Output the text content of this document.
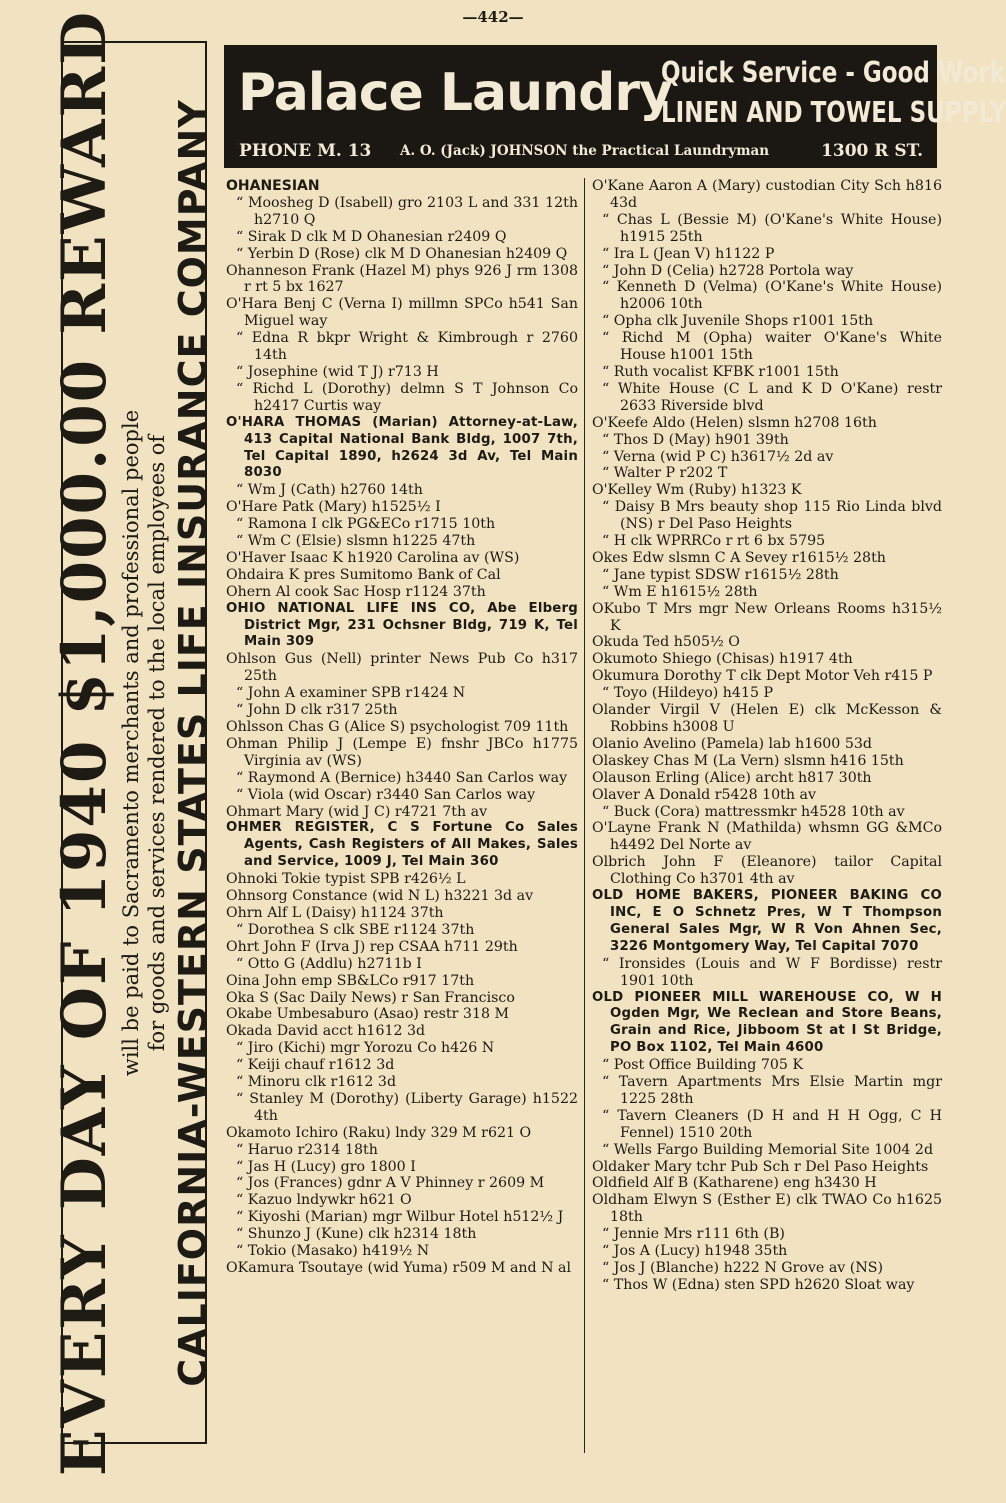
—442—
EVERY DAY OF 1940 $1,000.00 REWARD will be paid to Sacramento merchants and professional people for goods and services rendered to the local employees of CALIFORNIA-WESTERN STATES LIFE INSURANCE COMPANY
Palace Laundry
Quick Service - Good Work
LINEN AND TOWEL SUPPLY
PHONE M. 13 A. O. (Jack) JOHNSON the Practical Laundryman	1300 R ST.
OHANESIAN
“ Moosheg D (Isabell) gro 2103 L and 331 12th h2710 Q
“ Sirak D clk M D Ohanesian r2409 Q
“ Yerbin D (Rose) clk M D Ohanesian h2409 Q
Ohanneson Frank (Hazel M) phys 926 J rm 1308 r rt 5 bx 1627
O'Hara Benj C (Verna I) millmn SPCo h541 San Miguel way
“ Edna R bkpr Wright & Kimbrough r 2760 14th
“ Josephine (wid T J) r713 H
“ Richd L (Dorothy) delmn S T Johnson Co h2417 Curtis way
O'HARA THOMAS (Marian) Attorney-at-Law, 413 Capital National Bank Bldg, 1007 7th, Tel Capital 1890, h2624 3d Av, Tel Main 8030
“ Wm J (Cath) h2760 14th
O'Hare Patk (Mary) h1525½ I
“ Ramona I clk PG&ECo r1715 10th
“ Wm C (Elsie) slsmn h1225 47th
O'Haver Isaac K h1920 Carolina av (WS)
Ohdaira K pres Sumitomo Bank of Cal
Ohern Al cook Sac Hosp r1124 37th
OHIO NATIONAL LIFE INS CO, Abe Elberg District Mgr, 231 Ochsner Bldg, 719 K, Tel Main 309
Ohlson Gus (Nell) printer News Pub Co h317 25th
“ John A examiner SPB r1424 N
“ John D clk r317 25th
Ohlsson Chas G (Alice S) psychologist 709 11th
Ohman Philip J (Lempe E) fnshr JBCo h1775 Virginia av (WS)
“ Raymond A (Bernice) h3440 San Carlos way
“ Viola (wid Oscar) r3440 San Carlos way
Ohmart Mary (wid J C) r4721 7th av
OHMER REGISTER, C S Fortune Co Sales Agents, Cash Registers of All Makes, Sales and Service, 1009 J, Tel Main 360
Ohnoki Tokie typist SPB r426½ L
Ohnsorg Constance (wid N L) h3221 3d av
Ohrn Alf L (Daisy) h1124 37th
“ Dorothea S clk SBE r1124 37th
Ohrt John F (Irva J) rep CSAA h711 29th
“ Otto G (Addlu) h2711b I
Oina John emp SB&LCo r917 17th
Oka S (Sac Daily News) r San Francisco
Okabe Umbesaburo (Asao) restr 318 M
Okada David acct h1612 3d
“ Jiro (Kichi) mgr Yorozu Co h426 N
“ Keiji chauf r1612 3d
“ Minoru clk r1612 3d
“ Stanley M (Dorothy) (Liberty Garage) h1522 4th
Okamoto Ichiro (Raku) lndy 329 M r621 O
“ Haruo r2314 18th
“ Jas H (Lucy) gro 1800 I
“ Jos (Frances) gdnr A V Phinney r 2609 M
“ Kazuo lndywkr h621 O
“ Kiyoshi (Marian) mgr Wilbur Hotel h512½ J
“ Shunzo J (Kune) clk h2314 18th
“ Tokio (Masako) h419½ N
OKamura Tsoutaye (wid Yuma) r509 M and N al
O'Kane Aaron A (Mary) custodian City Sch h816 43d
“ Chas L (Bessie M) (O'Kane's White House) h1915 25th
“ Ira L (Jean V) h1122 P
“ John D (Celia) h2728 Portola way
“ Kenneth D (Velma) (O'Kane's White House) h2006 10th
“ Opha clk Juvenile Shops r1001 15th
“ Richd M (Opha) waiter O'Kane's White House h1001 15th
“ Ruth vocalist KFBK r1001 15th
“ White House (C L and K D O'Kane) restr 2633 Riverside blvd
O'Keefe Aldo (Helen) slsmn h2708 16th
“ Thos D (May) h901 39th
“ Verna (wid P C) h3617½ 2d av
“ Walter P r202 T
O'Kelley Wm (Ruby) h1323 K
“ Daisy B Mrs beauty shop 115 Rio Linda blvd (NS) r Del Paso Heights
“ H clk WPRRCo r rt 6 bx 5795
Okes Edw slsmn C A Sevey r1615½ 28th
“ Jane typist SDSW r1615½ 28th
“ Wm E h1615½ 28th
OKubo T Mrs mgr New Orleans Rooms h315½ K
Okuda Ted h505½ O
Okumoto Shiego (Chisas) h1917 4th
Okumura Dorothy T clk Dept Motor Veh r415 P
“ Toyo (Hildeyo) h415 P
Olander Virgil V (Helen E) clk McKesson & Robbins h3008 U
Olanio Avelino (Pamela) lab h1600 53d
Olaskey Chas M (La Vern) slsmn h416 15th
Olauson Erling (Alice) archt h817 30th
Olaver A Donald r5428 10th av
“ Buck (Cora) mattressmkr h4528 10th av
O'Layne Frank N (Mathilda) whsmn GG &MCo h4492 Del Norte av
Olbrich John F (Eleanore) tailor Capital Clothing Co h3701 4th av
OLD HOME BAKERS, PIONEER BAKING CO INC, E O Schnetz Pres, W T Thompson General Sales Mgr, W R Von Ahnen Sec, 3226 Montgomery Way, Tel Capital 7070
“ Ironsides (Louis and W F Bordisse) restr 1901 10th
OLD PIONEER MILL WAREHOUSE CO, W H Ogden Mgr, We Reclean and Store Beans, Grain and Rice, Jibboom St at I St Bridge, PO Box 1102, Tel Main 4600
“ Post Office Building 705 K
“ Tavern Apartments Mrs Elsie Martin mgr 1225 28th
“ Tavern Cleaners (D H and H H Ogg, C H Fennel) 1510 20th
“ Wells Fargo Building Memorial Site 1004 2d
Oldaker Mary tchr Pub Sch r Del Paso Heights
Oldfield Alf B (Katharene) eng h3430 H
Oldham Elwyn S (Esther E) clk TWAO Co h1625 18th
“ Jennie Mrs r111 6th (B)
“ Jos A (Lucy) h1948 35th
“ Jos J (Blanche) h222 N Grove av (NS)
“ Thos W (Edna) sten SPD h2620 Sloat way
